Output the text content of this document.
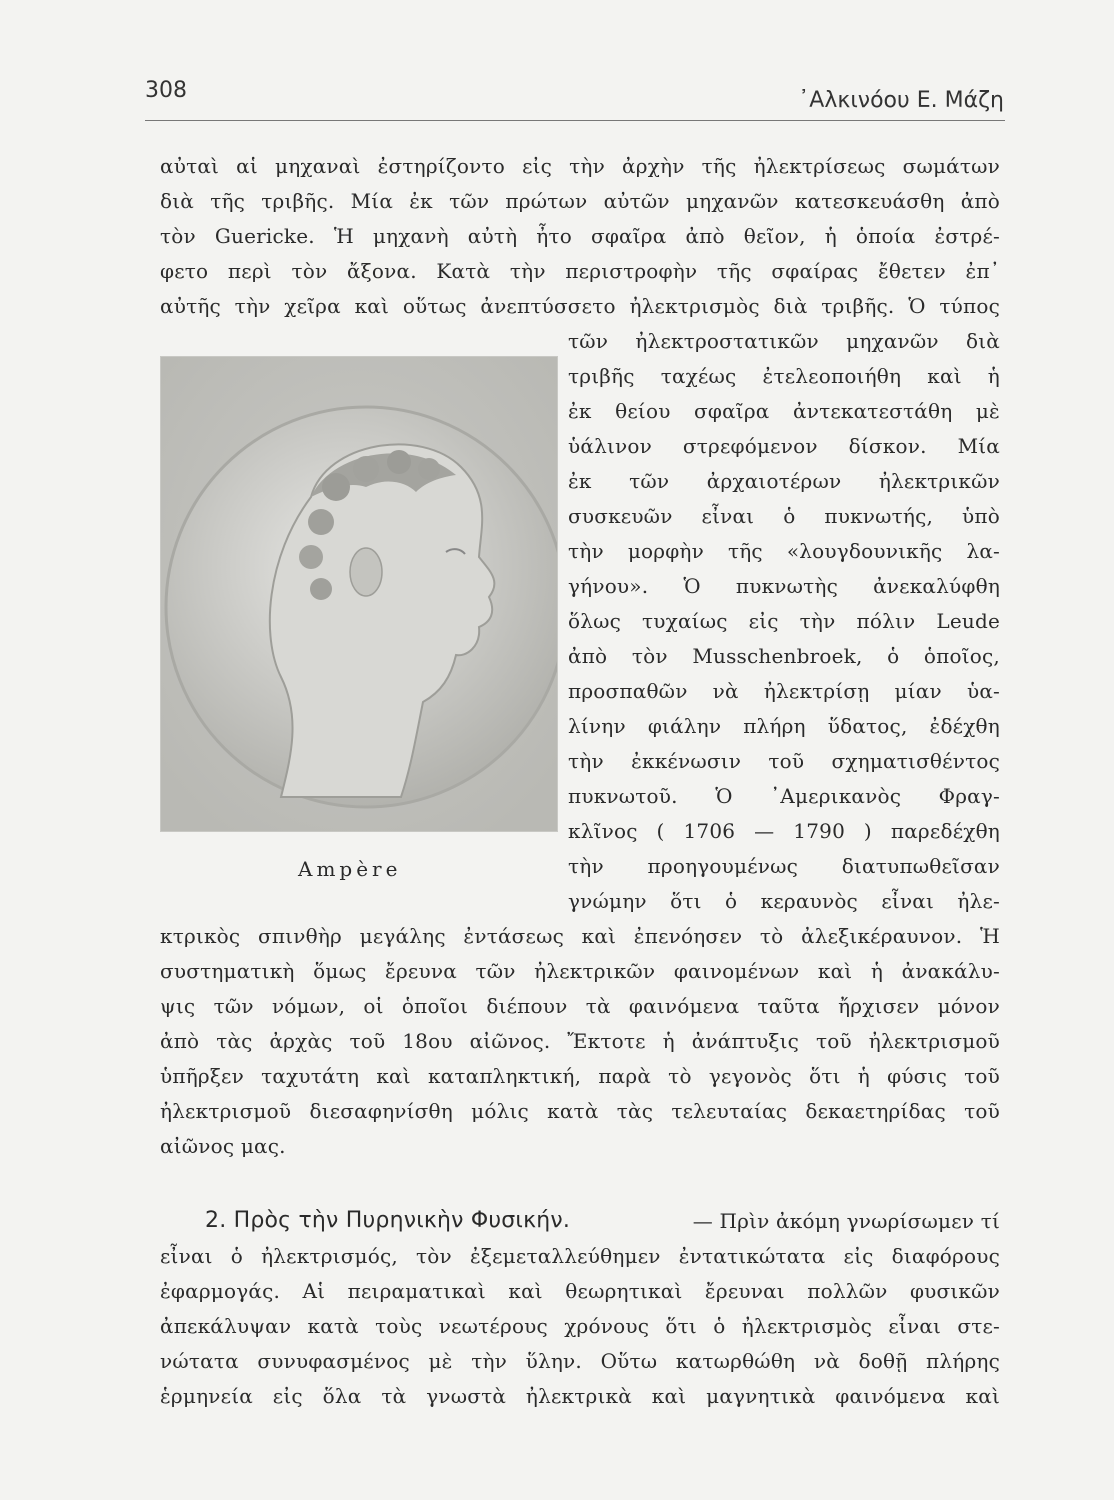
308	᾿Αλκινόου Ε. Μάζη
αὐταὶ αἱ μηχαναὶ ἐστηρίζοντο εἰς τὴν ἀρχὴν τῆς ἠλεκτρίσεως σωμάτων
διὰ τῆς τριβῆς. Μία ἐκ τῶν πρώτων αὐτῶν μηχανῶν κατεσκευάσθη ἀπὸ
τὸν Guericke. Ἡ μηχανὴ αὐτὴ ἦτο σφαῖρα ἀπὸ θεῖον, ἡ ὁποία ἐστρέ-
φετο περὶ τὸν ἄξονα. Κατὰ τὴν περιστροφὴν τῆς σφαίρας ἔθετεν ἐπ᾿
αὐτῆς τὴν χεῖρα καὶ οὕτως ἀνεπτύσσετο ἠλεκτρισμὸς διὰ τριβῆς. Ὁ τύπος
Ampère
τῶν ἠλεκτροστατικῶν μηχανῶν διὰ
τριβῆς ταχέως ἐτελεοποιήθη καὶ ἡ
ἐκ θείου σφαῖρα ἀντεκατεστάθη μὲ
ὑάλινον στρεφόμενον δίσκον. Μία
ἐκ τῶν ἀρχαιοτέρων ἠλεκτρικῶν
συσκευῶν εἶναι ὁ πυκνωτής, ὑπὸ
τὴν μορφὴν τῆς «λουγδουνικῆς λα-
γήνου». Ὁ πυκνωτὴς ἀνεκαλύφθη
ὅλως τυχαίως εἰς τὴν πόλιν Leude
ἀπὸ τὸν Musschenbroek, ὁ ὁποῖος,
προσπαθῶν νὰ ἠλεκτρίσῃ μίαν ὑα-
λίνην φιάλην πλήρη ὕδατος, ἐδέχθη
τὴν ἐκκένωσιν τοῦ σχηματισθέντος
πυκνωτοῦ. Ὁ ᾿Αμερικανὸς Φραγ-
κλῖνος ( 1706 — 1790 ) παρεδέχθη
τὴν προηγουμένως διατυπωθεῖσαν
γνώμην ὅτι ὁ κεραυνὸς εἶναι ἠλε-
κτρικὸς σπινθὴρ μεγάλης ἐντάσεως καὶ ἐπενόησεν τὸ ἀλεξικέραυνον. Ἡ
συστηματικὴ ὅμως ἔρευνα τῶν ἠλεκτρικῶν φαινομένων καὶ ἡ ἀνακάλυ-
ψις τῶν νόμων, οἱ ὁποῖοι διέπουν τὰ φαινόμενα ταῦτα ἤρχισεν μόνον
ἀπὸ τὰς ἀρχὰς τοῦ 18ου αἰῶνος. Ἔκτοτε ἡ ἀνάπτυξις τοῦ ἠλεκτρισμοῦ
ὑπῆρξεν ταχυτάτη καὶ καταπληκτική, παρὰ τὸ γεγονὸς ὅτι ἡ φύσις τοῦ
ἠλεκτρισμοῦ διεσαφηνίσθη μόλις κατὰ τὰς τελευταίας δεκαετηρίδας τοῦ
αἰῶνος μας.
2. Πρὸς τὴν Πυρηνικὴν Φυσικήν.	— Πρὶν ἀκόμη γνωρίσωμεν τί
εἶναι ὁ ἠλεκτρισμός, τὸν ἐξεμεταλλεύθημεν ἐντατικώτατα εἰς διαφόρους
ἐφαρμογάς. Αἱ πειραματικαὶ καὶ θεωρητικαὶ ἔρευναι πολλῶν φυσικῶν
ἀπεκάλυψαν κατὰ τοὺς νεωτέρους χρόνους ὅτι ὁ ἠλεκτρισμὸς εἶναι στε-
νώτατα συνυφασμένος μὲ τὴν ὕλην. Οὕτω κατωρθώθη νὰ δοθῇ πλήρης
ἑρμηνεία εἰς ὅλα τὰ γνωστὰ ἠλεκτρικὰ καὶ μαγνητικὰ φαινόμενα καὶ
